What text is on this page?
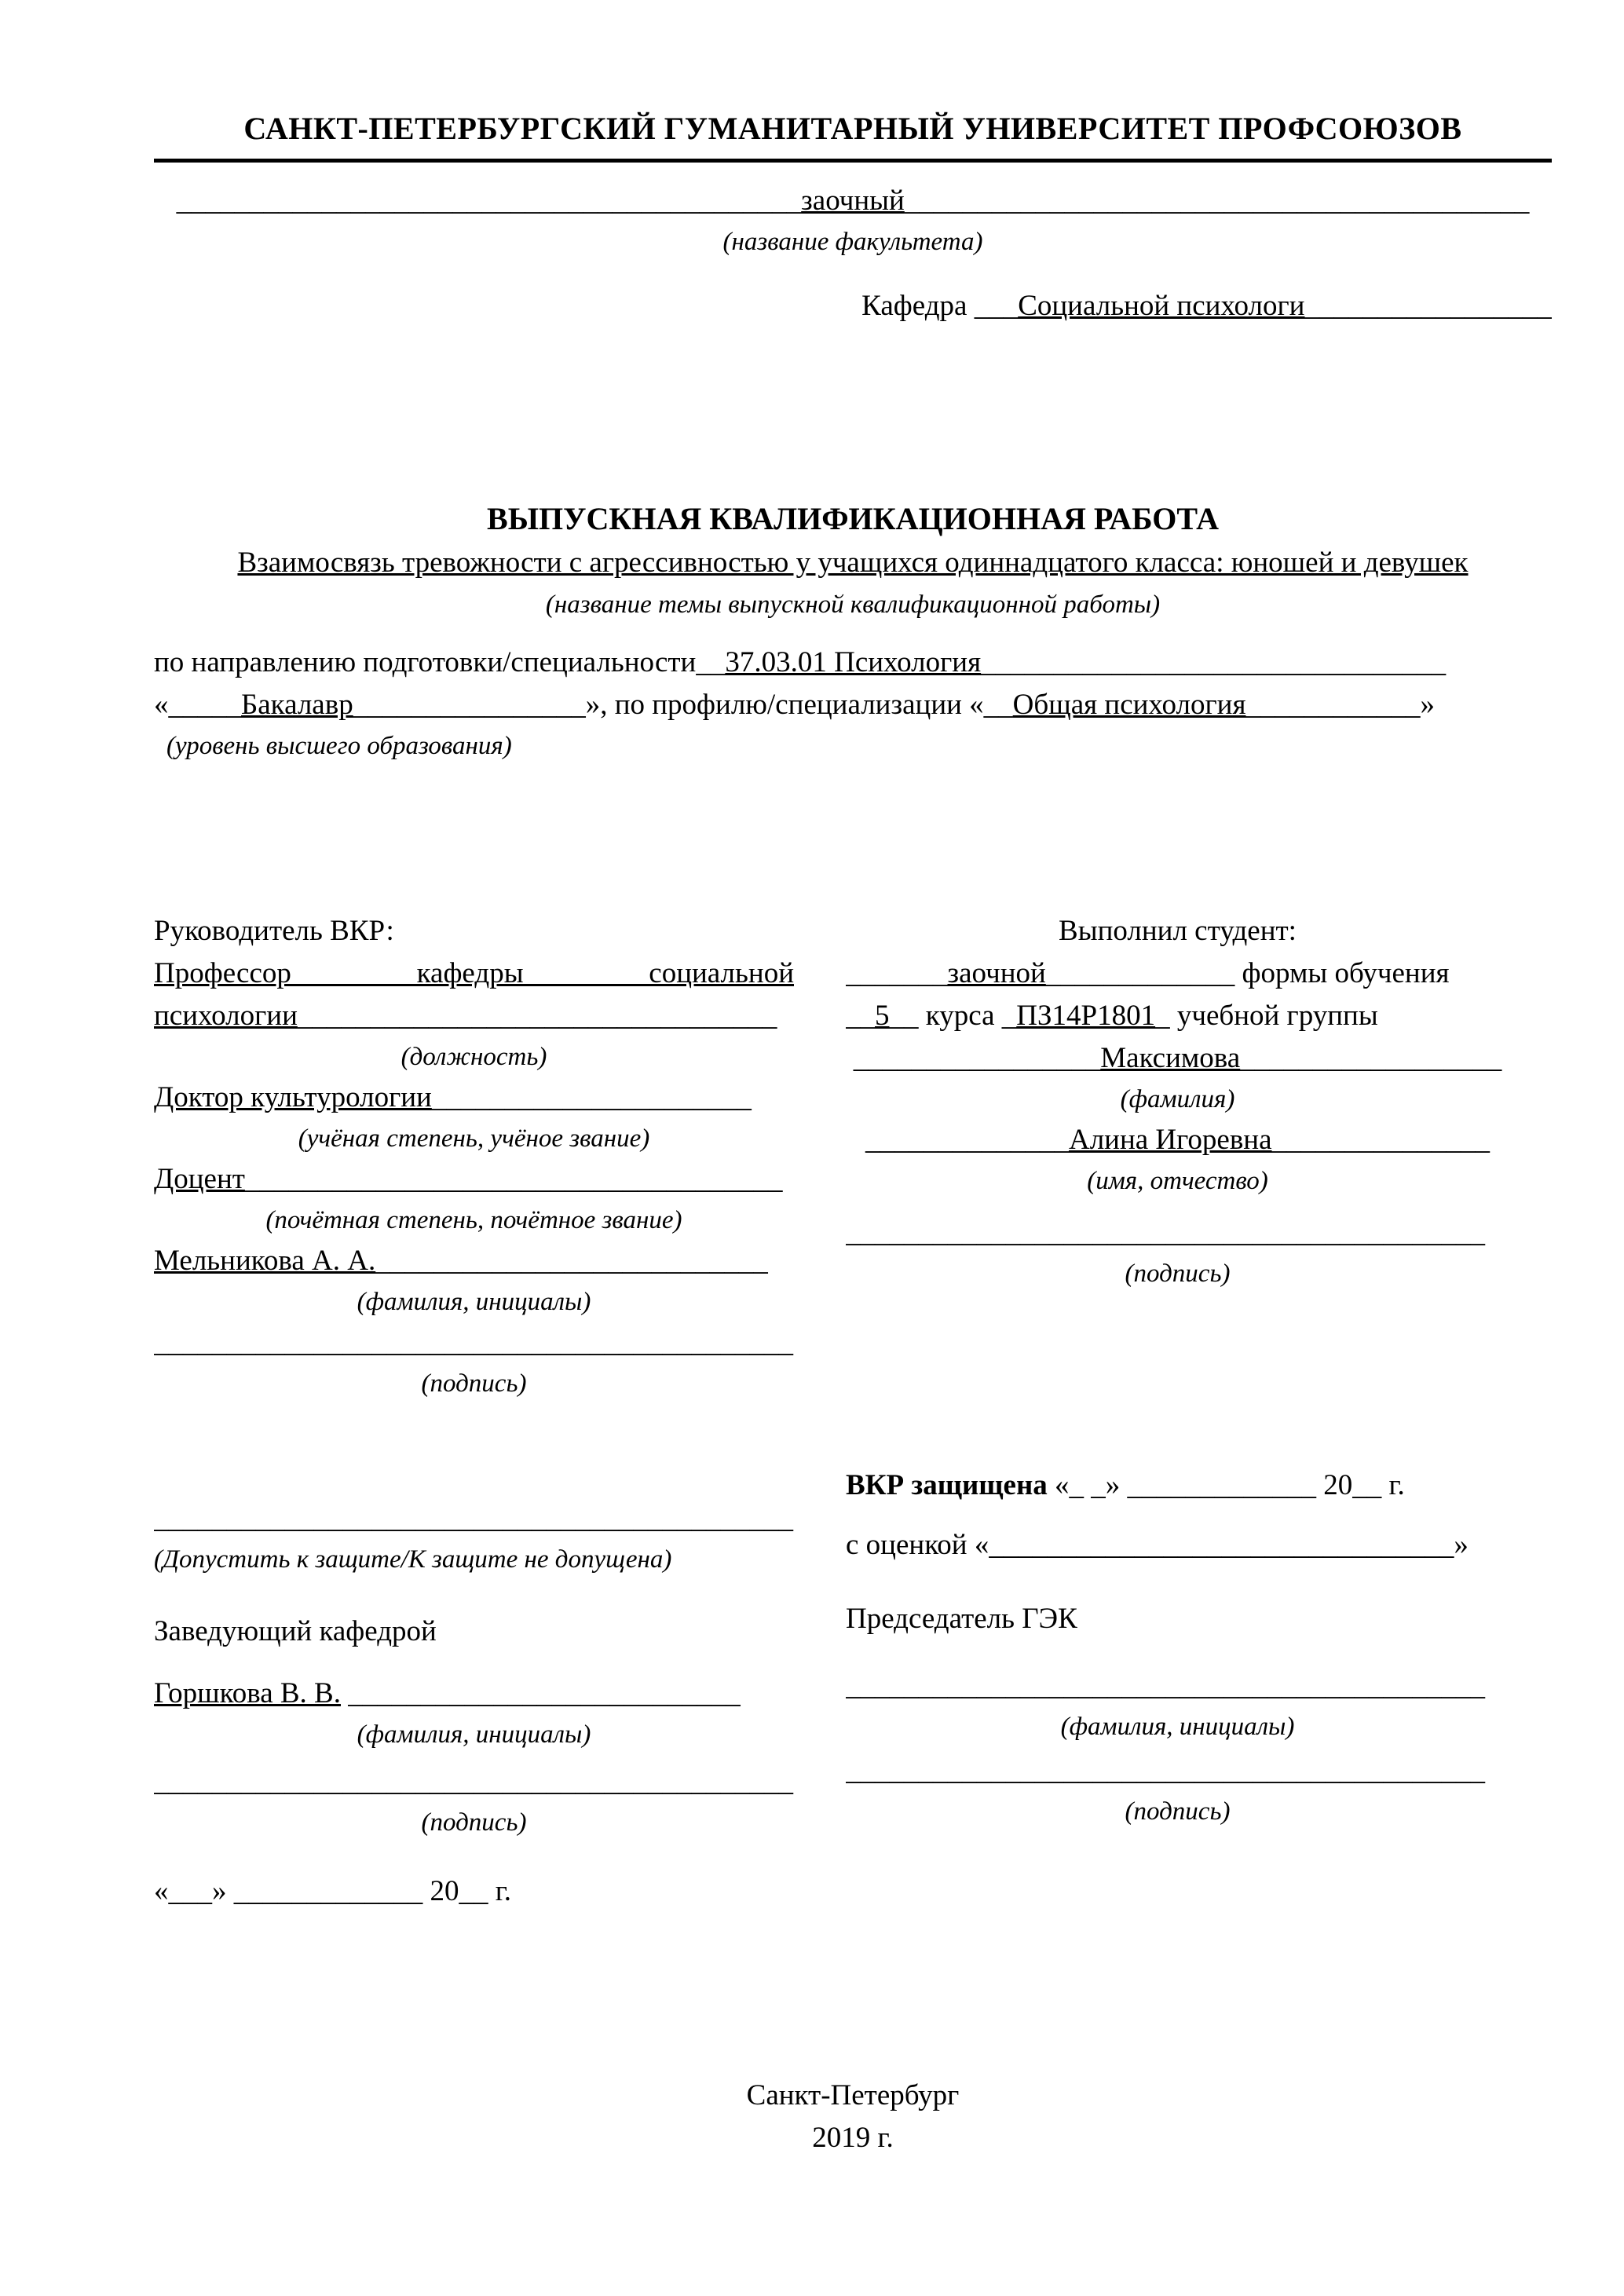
САНКТ-ПЕТЕРБУРГСКИЙ ГУМАНИТАРНЫЙ УНИВЕРСИТЕТ ПРОФСОЮЗОВ
___________________________________________заочный___________________________________________
(название факультета)
Кафедра ___Социальной психологи_________________
ВЫПУСКНАЯ КВАЛИФИКАЦИОННАЯ РАБОТА
Взаимосвязь тревожности с агрессивностью у учащихся одиннадцатого класса: юношей и девушек
(название темы выпускной квалификационной работы)
по направлению подготовки/специальности__37.03.01 Психология________________________________
«_____Бакалавр________________», по профилю/специализации «__Общая психология____________»
(уровень высшего образования)
Руководитель ВКР:
Профессор кафедры социальной
психологии_________________________________
(должность)
Доктор культурологии______________________
(учёная степень, учёное звание)
Доцент_____________________________________
(почётная степень, почётное звание)
Мельникова А. А.___________________________
(фамилия, инициалы)
____________________________________________
(подпись)
Выполнил студент:
_______заочной_____________ формы обучения
__5__ курса _ПЗ14Р1801_ учебной группы
_________________Максимова__________________
(фамилия)
______________Алина Игоревна_______________
(имя, отчество)
____________________________________________
(подпись)
____________________________________________
(Допустить к защите/К защите не допущена)
Заведующий кафедрой
Горшкова В. В. ___________________________
(фамилия, инициалы)
____________________________________________
(подпись)
«___» _____________ 20__ г.
ВКР защищена «_ _» _____________ 20__ г.
с оценкой «________________________________»
Председатель ГЭК
____________________________________________
(фамилия, инициалы)
____________________________________________
(подпись)
Санкт-Петербург
2019 г.
